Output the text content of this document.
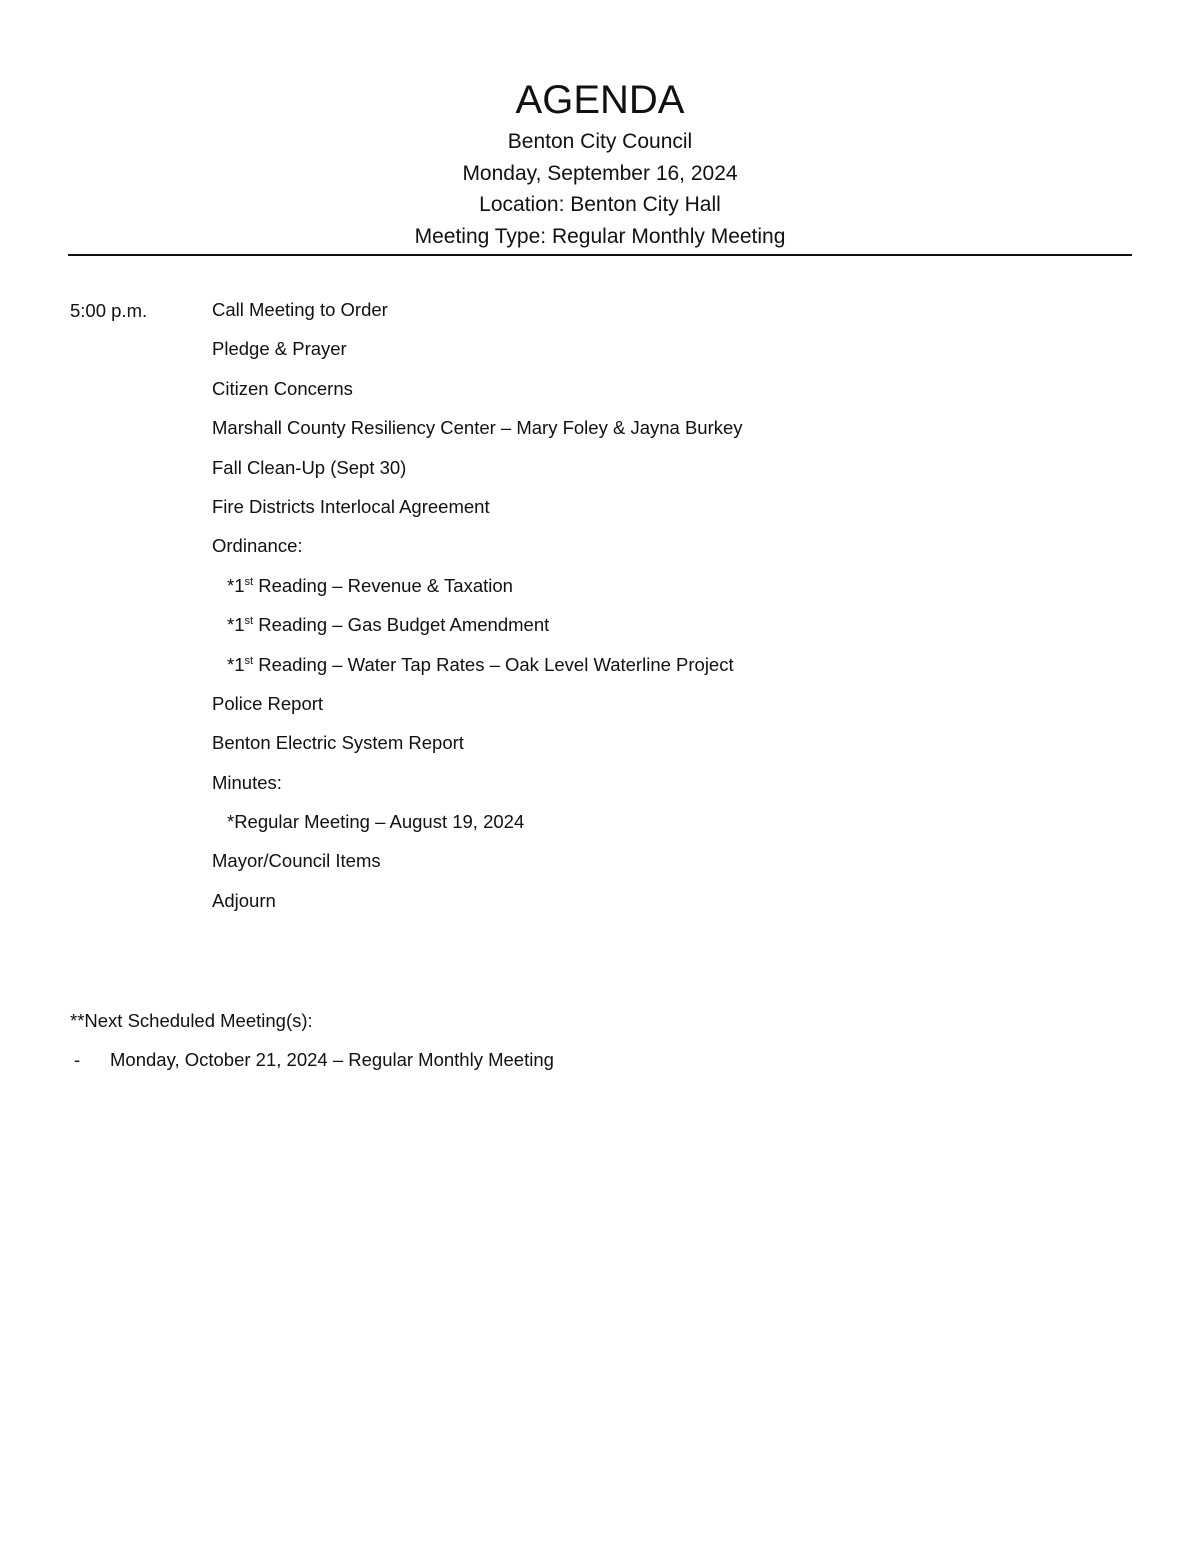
AGENDA
Benton City Council
Monday, September 16, 2024
Location: Benton City Hall
Meeting Type: Regular Monthly Meeting
5:00 p.m.	Call Meeting to Order
Pledge & Prayer
Citizen Concerns
Marshall County Resiliency Center – Mary Foley & Jayna Burkey
Fall Clean-Up (Sept 30)
Fire Districts Interlocal Agreement
Ordinance:
*1st Reading – Revenue & Taxation
*1st Reading – Gas Budget Amendment
*1st Reading – Water Tap Rates – Oak Level Waterline Project
Police Report
Benton Electric System Report
Minutes:
*Regular Meeting – August 19, 2024
Mayor/Council Items
Adjourn
**Next Scheduled Meeting(s):
- Monday, October 21, 2024 – Regular Monthly Meeting
